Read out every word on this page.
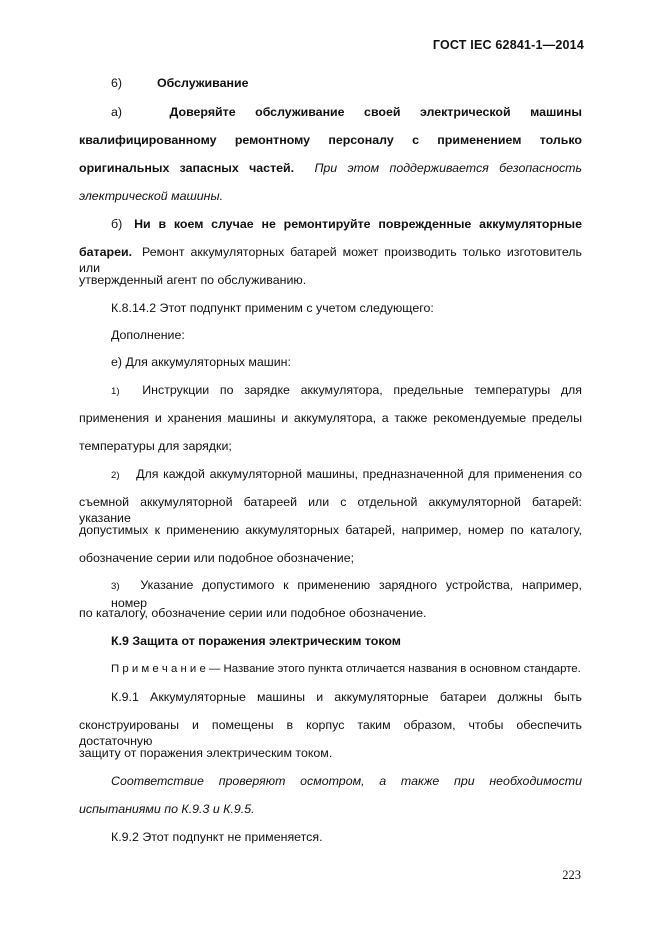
ГОСТ IEC 62841-1—2014
6)	Обслуживание
а)	Доверяйте обслуживание своей электрической машины
квалифицированному ремонтному персоналу с применением только
оригинальных запасных частей. При этом поддерживается безопасность
электрической машины.
б) Ни в коем случае не ремонтируйте поврежденные аккумуляторные
батареи. Ремонт аккумуляторных батарей может производить только изготовитель или
утвержденный агент по обслуживанию.
К.8.14.2 Этот подпункт применим с учетом следующего:
Дополнение:
е) Для аккумуляторных машин:
1) Инструкции по зарядке аккумулятора, предельные температуры для
применения и хранения машины и аккумулятора, а также рекомендуемые пределы
температуры для зарядки;
2) Для каждой аккумуляторной машины, предназначенной для применения со
съемной аккумуляторной батареей или с отдельной аккумуляторной батарей: указание
допустимых к применению аккумуляторных батарей, например, номер по каталогу,
обозначение серии или подобное обозначение;
3) Указание допустимого к применению зарядного устройства, например, номер
по каталогу, обозначение серии или подобное обозначение.
К.9 Защита от поражения электрическим током
П р и м е ч а н и е — Название этого пункта отличается названия в основном стандарте.
К.9.1 Аккумуляторные машины и аккумуляторные батареи должны быть
сконструированы и помещены в корпус таким образом, чтобы обеспечить достаточную
защиту от поражения электрическим током.
Соответствие проверяют осмотром, а также при необходимости
испытаниями по К.9.3 и К.9.5.
К.9.2 Этот подпункт не применяется.
223
